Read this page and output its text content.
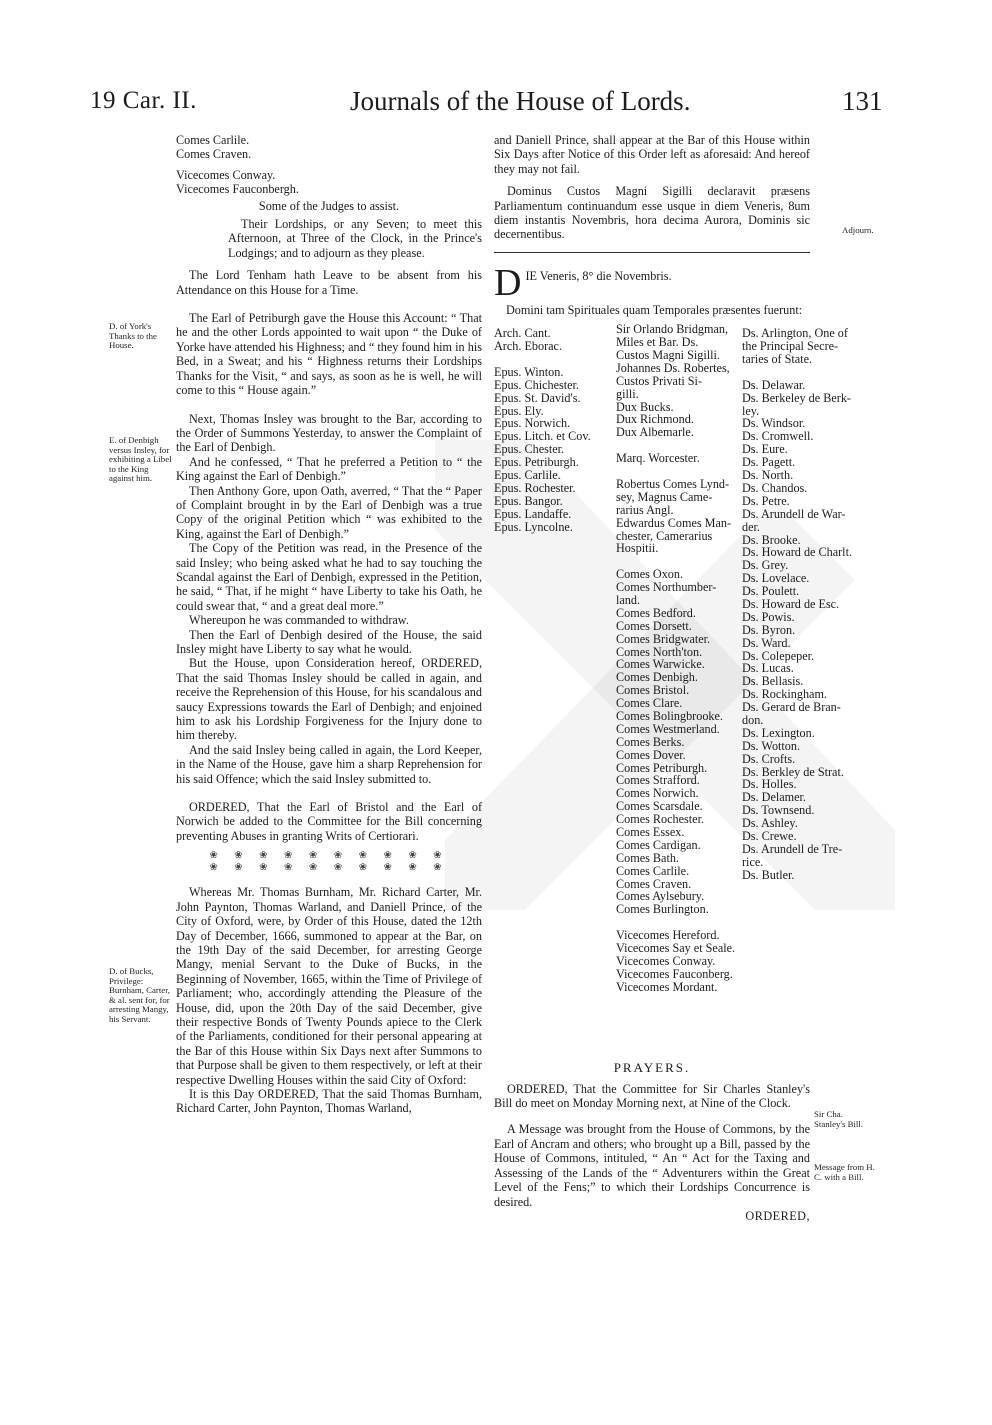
19 Car. II.	Journals of the House of Lords.	131
Comes Carlile.
Comes Craven.
Vicecomes Conway.
Vicecomes Fauconbergh.

Some of the Judges to assist.

Their Lordships, or any Seven; to meet this Afternoon, at Three of the Clock, in the Prince's Lodgings; and to adjourn as they please.

The Lord Tenham hath Leave to be absent from his Attendance on this House for a Time.

The Earl of Petriburgh gave the House this Account: “ That he and the other Lords appointed to wait upon “ the Duke of Yorke have attended his Highness; and “ they found him in his Bed, in a Sweat; and his “ Highness returns their Lordships Thanks for the Visit, “ and says, as soon as he is well, he will come to this “ House again.”

Next, Thomas Insley was brought to the Bar, according to the Order of Summons Yesterday, to answer the Complaint of the Earl of Denbigh.

And he confessed, “ That he preferred a Petition to “ the King against the Earl of Denbigh.”

Then Anthony Gore, upon Oath, averred, “ That the “ Paper of Complaint brought in by the Earl of Denbigh was a true Copy of the original Petition which “ was exhibited to the King, against the Earl of Denbigh.”

The Copy of the Petition was read, in the Presence of the said Insley; who being asked what he had to say touching the Scandal against the Earl of Denbigh, expressed in the Petition, he said, “ That, if he might “ have Liberty to take his Oath, he could swear that, “ and a great deal more.”

Whereupon he was commanded to withdraw.

Then the Earl of Denbigh desired of the House, the said Insley might have Liberty to say what he would.

But the House, upon Consideration hereof, ORDERED, That the said Thomas Insley should be called in again, and receive the Reprehension of this House, for his scandalous and saucy Expressions towards the Earl of Denbigh; and enjoined him to ask his Lordship Forgiveness for the Injury done to him thereby.

And the said Insley being called in again, the Lord Keeper, in the Name of the House, gave him a sharp Reprehension for his said Offence; which the said Insley submitted to.

ORDERED, That the Earl of Bristol and the Earl of Norwich be added to the Committee for the Bill concerning preventing Abuses in granting Writs of Certiorari.

❀ ❀ ❀ ❀ ❀ ❀ ❀ ❀ ❀ ❀
❀ ❀ ❀ ❀ ❀ ❀ ❀ ❀ ❀ ❀

Whereas Mr. Thomas Burnham, Mr. Richard Carter, Mr. John Paynton, Thomas Warland, and Daniell Prince, of the City of Oxford, were, by Order of this House, dated the 12th Day of December, 1666, summoned to appear at the Bar, on the 19th Day of the said December, for arresting George Mangy, menial Servant to the Duke of Bucks, in the Beginning of November, 1665, within the Time of Privilege of Parliament; who, accordingly attending the Pleasure of the House, did, upon the 20th Day of the said December, give their respective Bonds of Twenty Pounds apiece to the Clerk of the Parliaments, conditioned for their personal appearing at the Bar of this House within Six Days next after Summons to that Purpose shall be given to them respectively, or left at their respective Dwelling Houses within the said City of Oxford:

It is this Day ORDERED, That the said Thomas Burnham, Richard Carter, John Paynton, Thomas Warland,

D. of York's Thanks to the House.
E. of Denbigh versus Insley, for exhibiting a Libel to the King against him.
D. of Bucks, Privilege: Burnham, Carter, & al. sent for, for arresting Mangy, his Servant.

and Daniell Prince, shall appear at the Bar of this House within Six Days after Notice of this Order left as aforesaid: And hereof they may not fail.

Dominus Custos Magni Sigilli declaravit præsens Parliamentum continuandum esse usque in diem Veneris, 8um diem instantis Novembris, hora decima Aurora, Dominis sic decernentibus.

D IE Veneris, 8° die Novembris.

Domini tam Spirituales quam Temporales præsentes fuerunt:

Arch. Cant.
Arch. Eborac.
Epus. Winton.
Epus. Chichester.
Epus. St. David's.
Epus. Ely.
Epus. Norwich.
Epus. Litch. et Cov.
Epus. Chester.
Epus. Petriburgh.
Epus. Carlile.
Epus. Rochester.
Epus. Bangor.
Epus. Landaffe.
Epus. Lyncolne.
Sir Orlando Bridgman,
Miles et Bar. Ds.
Custos Magni Sigilli.
Johannes Ds. Robertes,
Custos Privati Si-
gilli.
Dux Bucks.
Dux Richmond.
Dux Albemarle.
Marq. Worcester.
Robertus Comes Lynd-
sey, Magnus Came-
rarius Angl.
Edwardus Comes Man-
chester, Camerarius
Hospitii.
Comes Oxon.
Comes Northumber-
land.
Comes Bedford.
Comes Dorsett.
Comes Bridgwater.
Comes North'ton.
Comes Warwicke.
Comes Denbigh.
Comes Bristol.
Comes Clare.
Comes Bolingbrooke.
Comes Westmerland.
Comes Berks.
Comes Dover.
Comes Petriburgh.
Comes Strafford.
Comes Norwich.
Comes Scarsdale.
Comes Rochester.
Comes Essex.
Comes Cardigan.
Comes Bath.
Comes Carlile.
Comes Craven.
Comes Aylsebury.
Comes Burlington.
Vicecomes Hereford.
Vicecomes Say et Seale.
Vicecomes Conway.
Vicecomes Fauconberg.
Vicecomes Mordant.
Ds. Arlington, One of
the Principal Secre-
taries of State.
Ds. Delawar.
Ds. Berkeley de Berk-
ley.
Ds. Windsor.
Ds. Cromwell.
Ds. Eure.
Ds. Pagett.
Ds. North.
Ds. Chandos.
Ds. Petre.
Ds. Arundell de War-
der.
Ds. Brooke.
Ds. Howard de Charlt.
Ds. Grey.
Ds. Lovelace.
Ds. Poulett.
Ds. Howard de Esc.
Ds. Powis.
Ds. Byron.
Ds. Ward.
Ds. Colepeper.
Ds. Lucas.
Ds. Bellasis.
Ds. Rockingham.
Ds. Gerard de Bran-
don.
Ds. Lexington.
Ds. Wotton.
Ds. Crofts.
Ds. Berkley de Strat.
Ds. Holles.
Ds. Delamer.
Ds. Townsend.
Ds. Ashley.
Ds. Crewe.
Ds. Arundell de Tre-
rice.
Ds. Butler.
PRAYERS.

ORDERED, That the Committee for Sir Charles Stanley's Bill do meet on Monday Morning next, at Nine of the Clock.

A Message was brought from the House of Commons, by the Earl of Ancram and others; who brought up a Bill, passed by the House of Commons, intituled, “ An “ Act for the Taxing and Assessing of the Lands of the “ Adventurers within the Great Level of the Fens;” to which their Lordships Concurrence is desired.

ORDERED,

Adjourn.
Sir Cha. Stanley's Bill.
Message from H. C. with a Bill.
